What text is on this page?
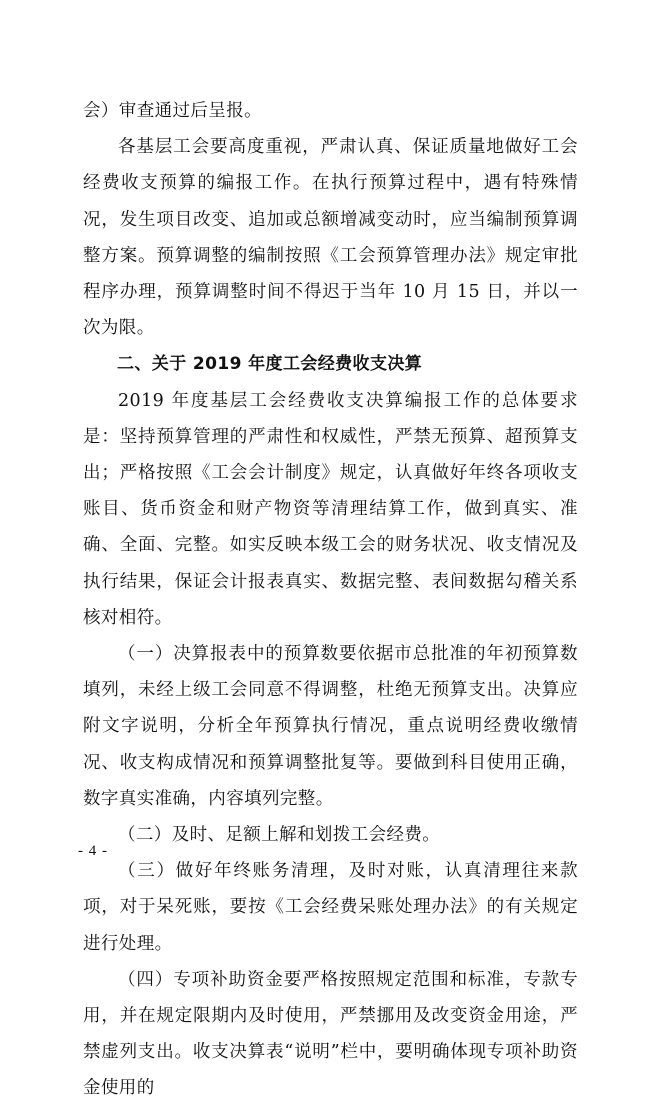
会）审查通过后呈报。

各基层工会要高度重视，严肃认真、保证质量地做好工会经费收支预算的编报工作。在执行预算过程中，遇有特殊情况，发生项目改变、追加或总额增减变动时，应当编制预算调整方案。预算调整的编制按照《工会预算管理办法》规定审批程序办理，预算调整时间不得迟于当年 10 月 15 日，并以一次为限。

二、关于 2019 年度工会经费收支决算

2019 年度基层工会经费收支决算编报工作的总体要求是：坚持预算管理的严肃性和权威性，严禁无预算、超预算支出；严格按照《工会会计制度》规定，认真做好年终各项收支账目、货币资金和财产物资等清理结算工作，做到真实、准确、全面、完整。如实反映本级工会的财务状况、收支情况及执行结果，保证会计报表真实、数据完整、表间数据勾稽关系核对相符。

（一）决算报表中的预算数要依据市总批准的年初预算数填列，未经上级工会同意不得调整，杜绝无预算支出。决算应附文字说明，分析全年预算执行情况，重点说明经费收缴情况、收支构成情况和预算调整批复等。要做到科目使用正确，数字真实准确，内容填列完整。

（二）及时、足额上解和划拨工会经费。

（三）做好年终账务清理，及时对账，认真清理往来款项，对于呆死账，要按《工会经费呆账处理办法》的有关规定进行处理。

（四）专项补助资金要严格按照规定范围和标准，专款专用，并在规定限期内及时使用，严禁挪用及改变资金用途，严禁虚列支出。收支决算表“说明”栏中，要明确体现专项补助资金使用的

- 4 -
